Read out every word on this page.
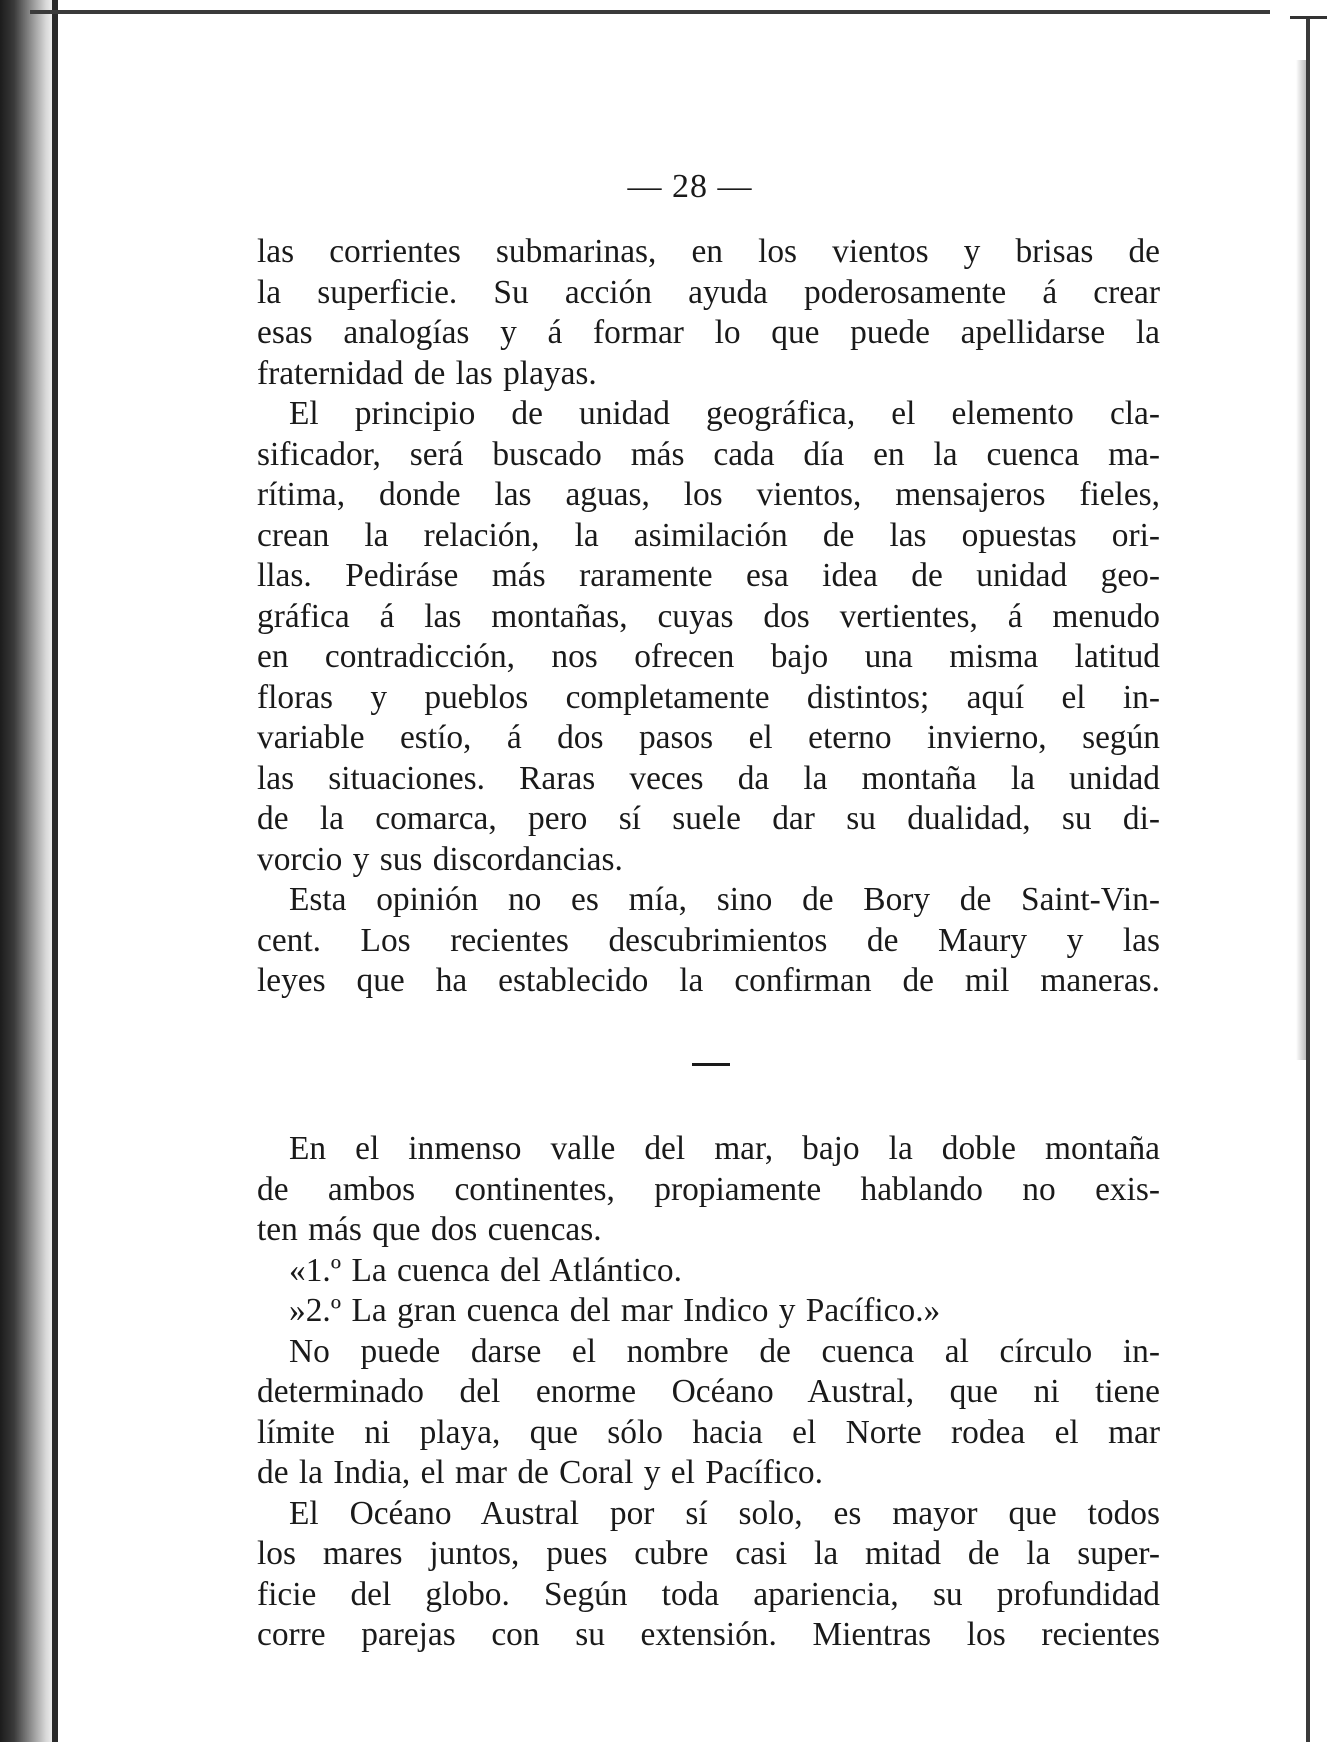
— 28 —
las corrientes submarinas, en los vientos y brisas de
la superficie. Su acción ayuda poderosamente á crear
esas analogías y á formar lo que puede apellidarse la
fraternidad de las playas.
El principio de unidad geográfica, el elemento cla-
sificador, será buscado más cada día en la cuenca ma-
rítima, donde las aguas, los vientos, mensajeros fieles,
crean la relación, la asimilación de las opuestas ori-
llas. Pediráse más raramente esa idea de unidad geo-
gráfica á las montañas, cuyas dos vertientes, á menudo
en contradicción, nos ofrecen bajo una misma latitud
floras y pueblos completamente distintos; aquí el in-
variable estío, á dos pasos el eterno invierno, según
las situaciones. Raras veces da la montaña la unidad
de la comarca, pero sí suele dar su dualidad, su di-
vorcio y sus discordancias.
Esta opinión no es mía, sino de Bory de Saint-Vin-
cent. Los recientes descubrimientos de Maury y las
leyes que ha establecido la confirman de mil maneras.
En el inmenso valle del mar, bajo la doble montaña
de ambos continentes, propiamente hablando no exis-
ten más que dos cuencas.
«1.º La cuenca del Atlántico.
»2.º La gran cuenca del mar Indico y Pacífico.»
No puede darse el nombre de cuenca al círculo in-
determinado del enorme Océano Austral, que ni tiene
límite ni playa, que sólo hacia el Norte rodea el mar
de la India, el mar de Coral y el Pacífico.
El Océano Austral por sí solo, es mayor que todos
los mares juntos, pues cubre casi la mitad de la super-
ficie del globo. Según toda apariencia, su profundidad
corre parejas con su extensión. Mientras los recientes
